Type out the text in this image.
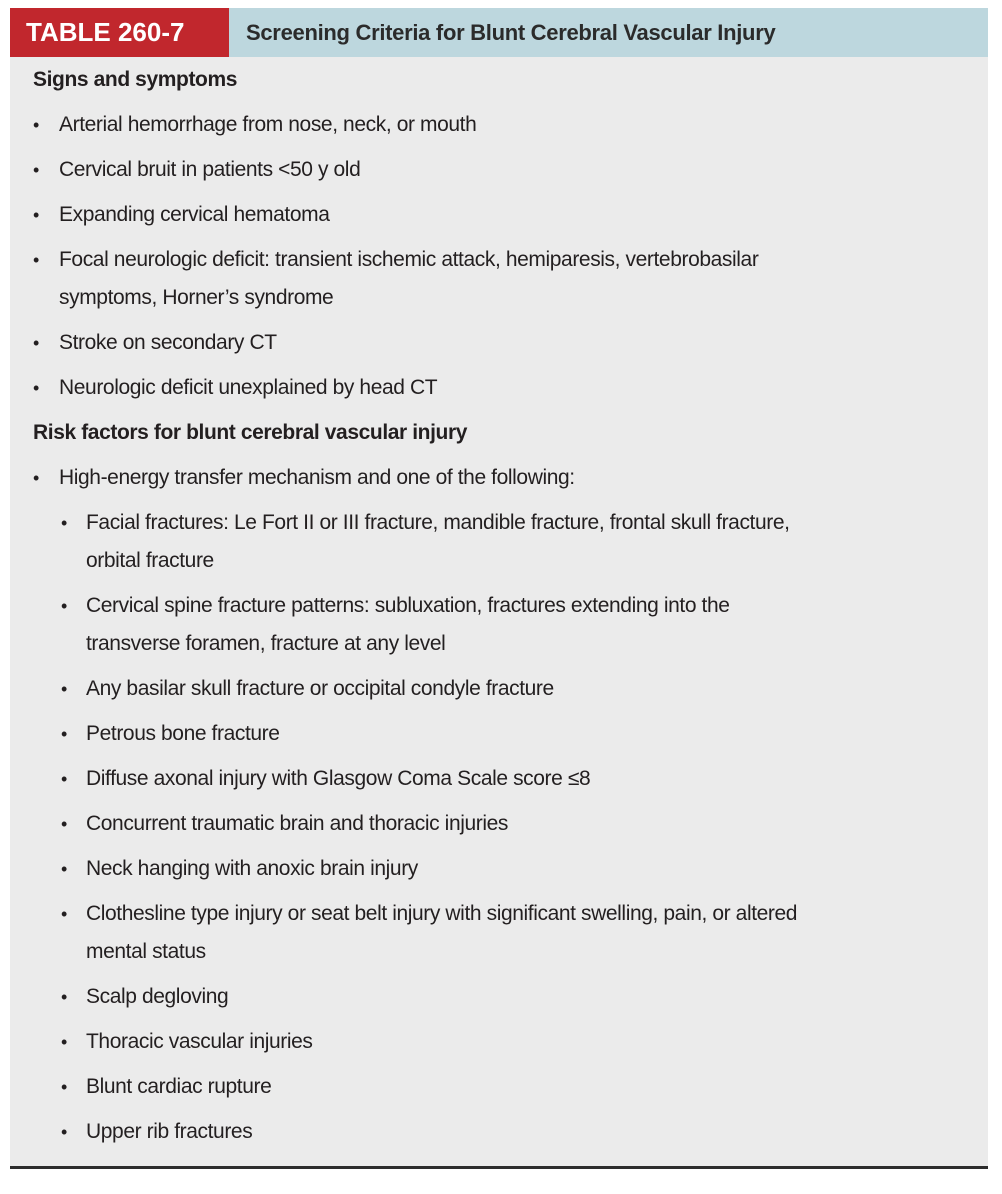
TABLE 260-7	Screening Criteria for Blunt Cerebral Vascular Injury
Signs and symptoms
• Arterial hemorrhage from nose, neck, or mouth
• Cervical bruit in patients <50 y old
• Expanding cervical hematoma
• Focal neurologic deficit: transient ischemic attack, hemiparesis, vertebrobasilar
symptoms, Horner’s syndrome
• Stroke on secondary CT
• Neurologic deficit unexplained by head CT
Risk factors for blunt cerebral vascular injury
• High-energy transfer mechanism and one of the following:
• Facial fractures: Le Fort II or III fracture, mandible fracture, frontal skull fracture,
orbital fracture
• Cervical spine fracture patterns: subluxation, fractures extending into the
transverse foramen, fracture at any level
• Any basilar skull fracture or occipital condyle fracture
• Petrous bone fracture
• Diffuse axonal injury with Glasgow Coma Scale score ≤8
• Concurrent traumatic brain and thoracic injuries
• Neck hanging with anoxic brain injury
• Clothesline type injury or seat belt injury with significant swelling, pain, or altered
mental status
• Scalp degloving
• Thoracic vascular injuries
• Blunt cardiac rupture
• Upper rib fractures
